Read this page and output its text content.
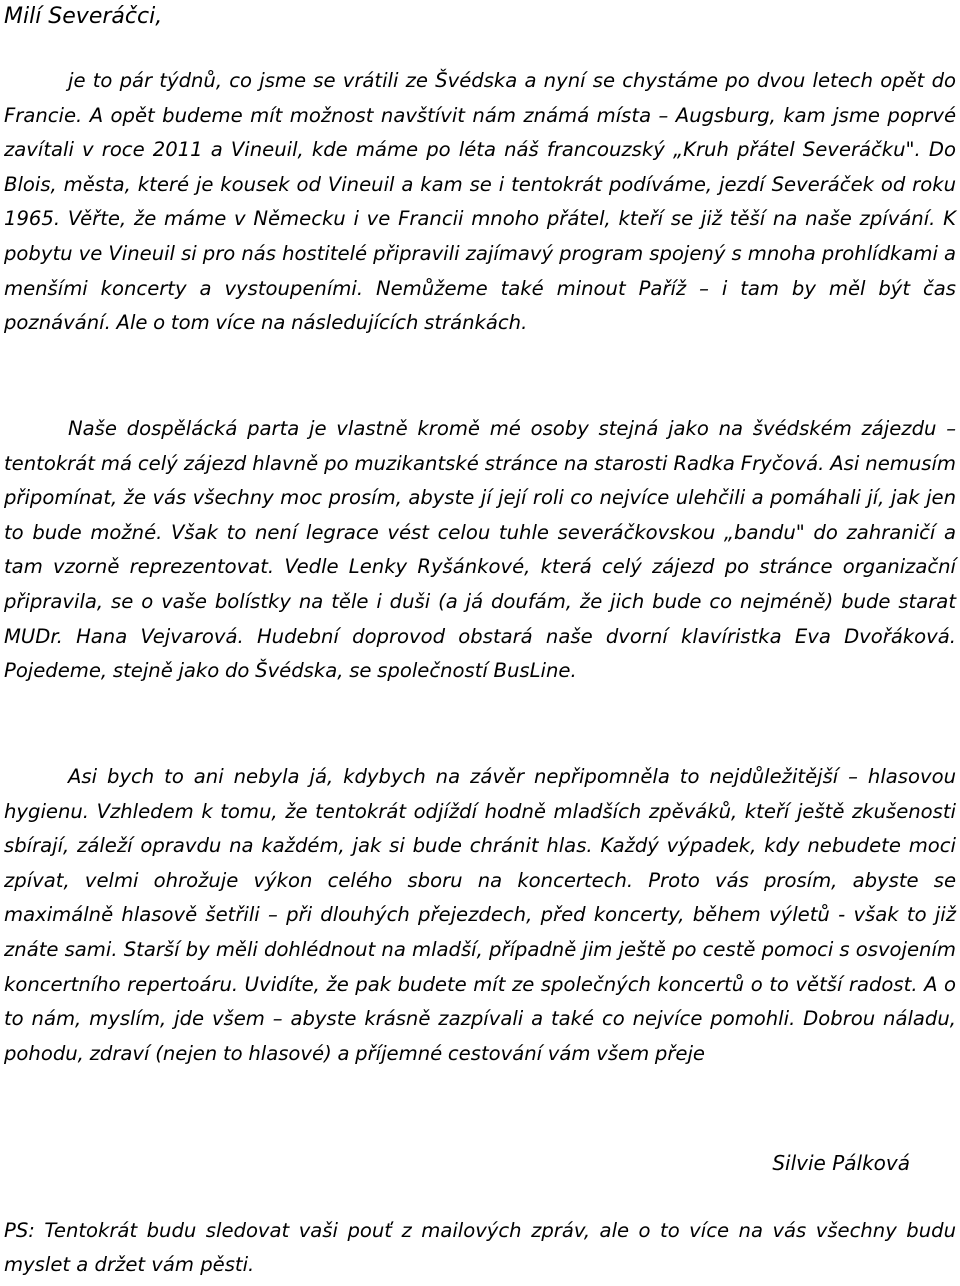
Milí Severáčci,

je to pár týdnů, co jsme se vrátili ze Švédska a nyní se chystáme po dvou letech opět do Francie. A opět budeme mít možnost navštívit nám známá místa – Augsburg, kam jsme poprvé zavítali v roce 2011 a Vineuil, kde máme po léta náš francouzský „Kruh přátel Severáčku". Do Blois, města, které je kousek od Vineuil a kam se i tentokrát podíváme, jezdí Severáček od roku 1965. Věřte, že máme v Německu i ve Francii mnoho přátel, kteří se již těší na naše zpívání. K pobytu ve Vineuil si pro nás hostitelé připravili zajímavý program spojený s mnoha prohlídkami a menšími koncerty a vystoupeními. Nemůžeme také minout Paříž – i tam by měl být čas poznávání. Ale o tom více na následujících stránkách.

Naše dospělácká parta je vlastně kromě mé osoby stejná jako na švédském zájezdu – tentokrát má celý zájezd hlavně po muzikantské stránce na starosti Radka Fryčová. Asi nemusím připomínat, že vás všechny moc prosím, abyste jí její roli co nejvíce ulehčili a pomáhali jí, jak jen to bude možné. Však to není legrace vést celou tuhle severáčkovskou „bandu" do zahraničí a tam vzorně reprezentovat. Vedle Lenky Ryšánkové, která celý zájezd po stránce organizační připravila, se o vaše bolístky na těle i duši (a já doufám, že jich bude co nejméně) bude starat MUDr. Hana Vejvarová. Hudební doprovod obstará naše dvorní klavíristka Eva Dvořáková. Pojedeme, stejně jako do Švédska, se společností BusLine.

Asi bych to ani nebyla já, kdybych na závěr nepřipomněla to nejdůležitější – hlasovou hygienu. Vzhledem k tomu, že tentokrát odjíždí hodně mladších zpěváků, kteří ještě zkušenosti sbírají, záleží opravdu na každém, jak si bude chránit hlas. Každý výpadek, kdy nebudete moci zpívat, velmi ohrožuje výkon celého sboru na koncertech. Proto vás prosím, abyste se maximálně hlasově šetřili – při dlouhých přejezdech, před koncerty, během výletů - však to již znáte sami. Starší by měli dohlédnout na mladší, případně jim ještě po cestě pomoci s osvojením koncertního repertoáru. Uvidíte, že pak budete mít ze společných koncertů o to větší radost. A o to nám, myslím, jde všem – abyste krásně zazpívali a také co nejvíce pomohli. Dobrou náladu, pohodu, zdraví (nejen to hlasové) a příjemné cestování vám všem přeje

Silvie Pálková

PS: Tentokrát budu sledovat vaši pouť z mailových zpráv, ale o to více na vás všechny budu myslet a držet vám pěsti.
